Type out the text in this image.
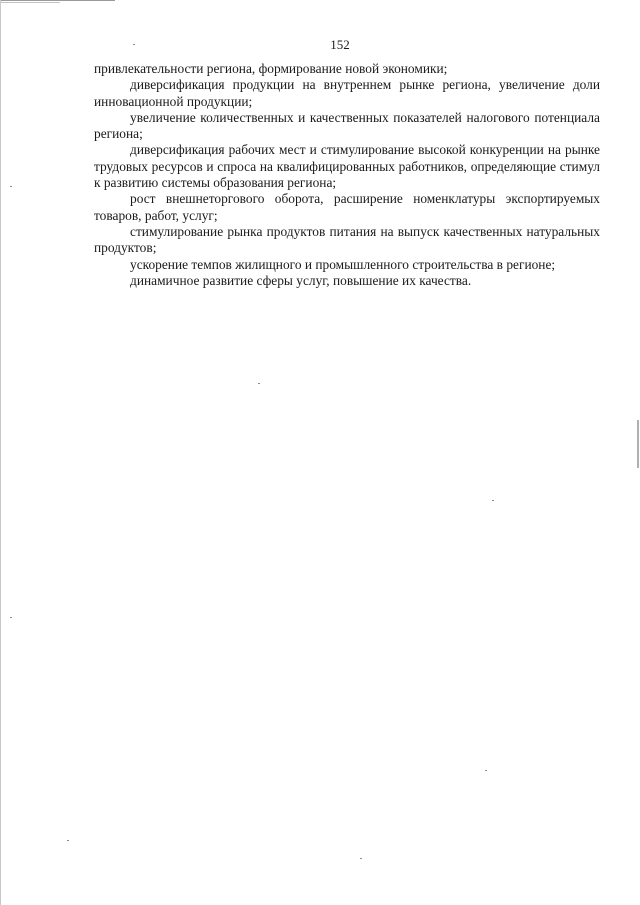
152

привлекательности региона, формирование новой экономики;

диверсификация продукции на внутреннем рынке региона, увеличение доли инновационной продукции;

увеличение количественных и качественных показателей налогового потенциала региона;

диверсификация рабочих мест и стимулирование высокой конкуренции на рынке трудовых ресурсов и спроса на квалифицированных работников, определяющие стимул к развитию системы образования региона;

рост внешнеторгового оборота, расширение номенклатуры экспортируемых товаров, работ, услуг;

стимулирование рынка продуктов питания на выпуск качественных натуральных продуктов;

ускорение темпов жилищного и промышленного строительства в регионе;

динамичное развитие сферы услуг, повышение их качества.
